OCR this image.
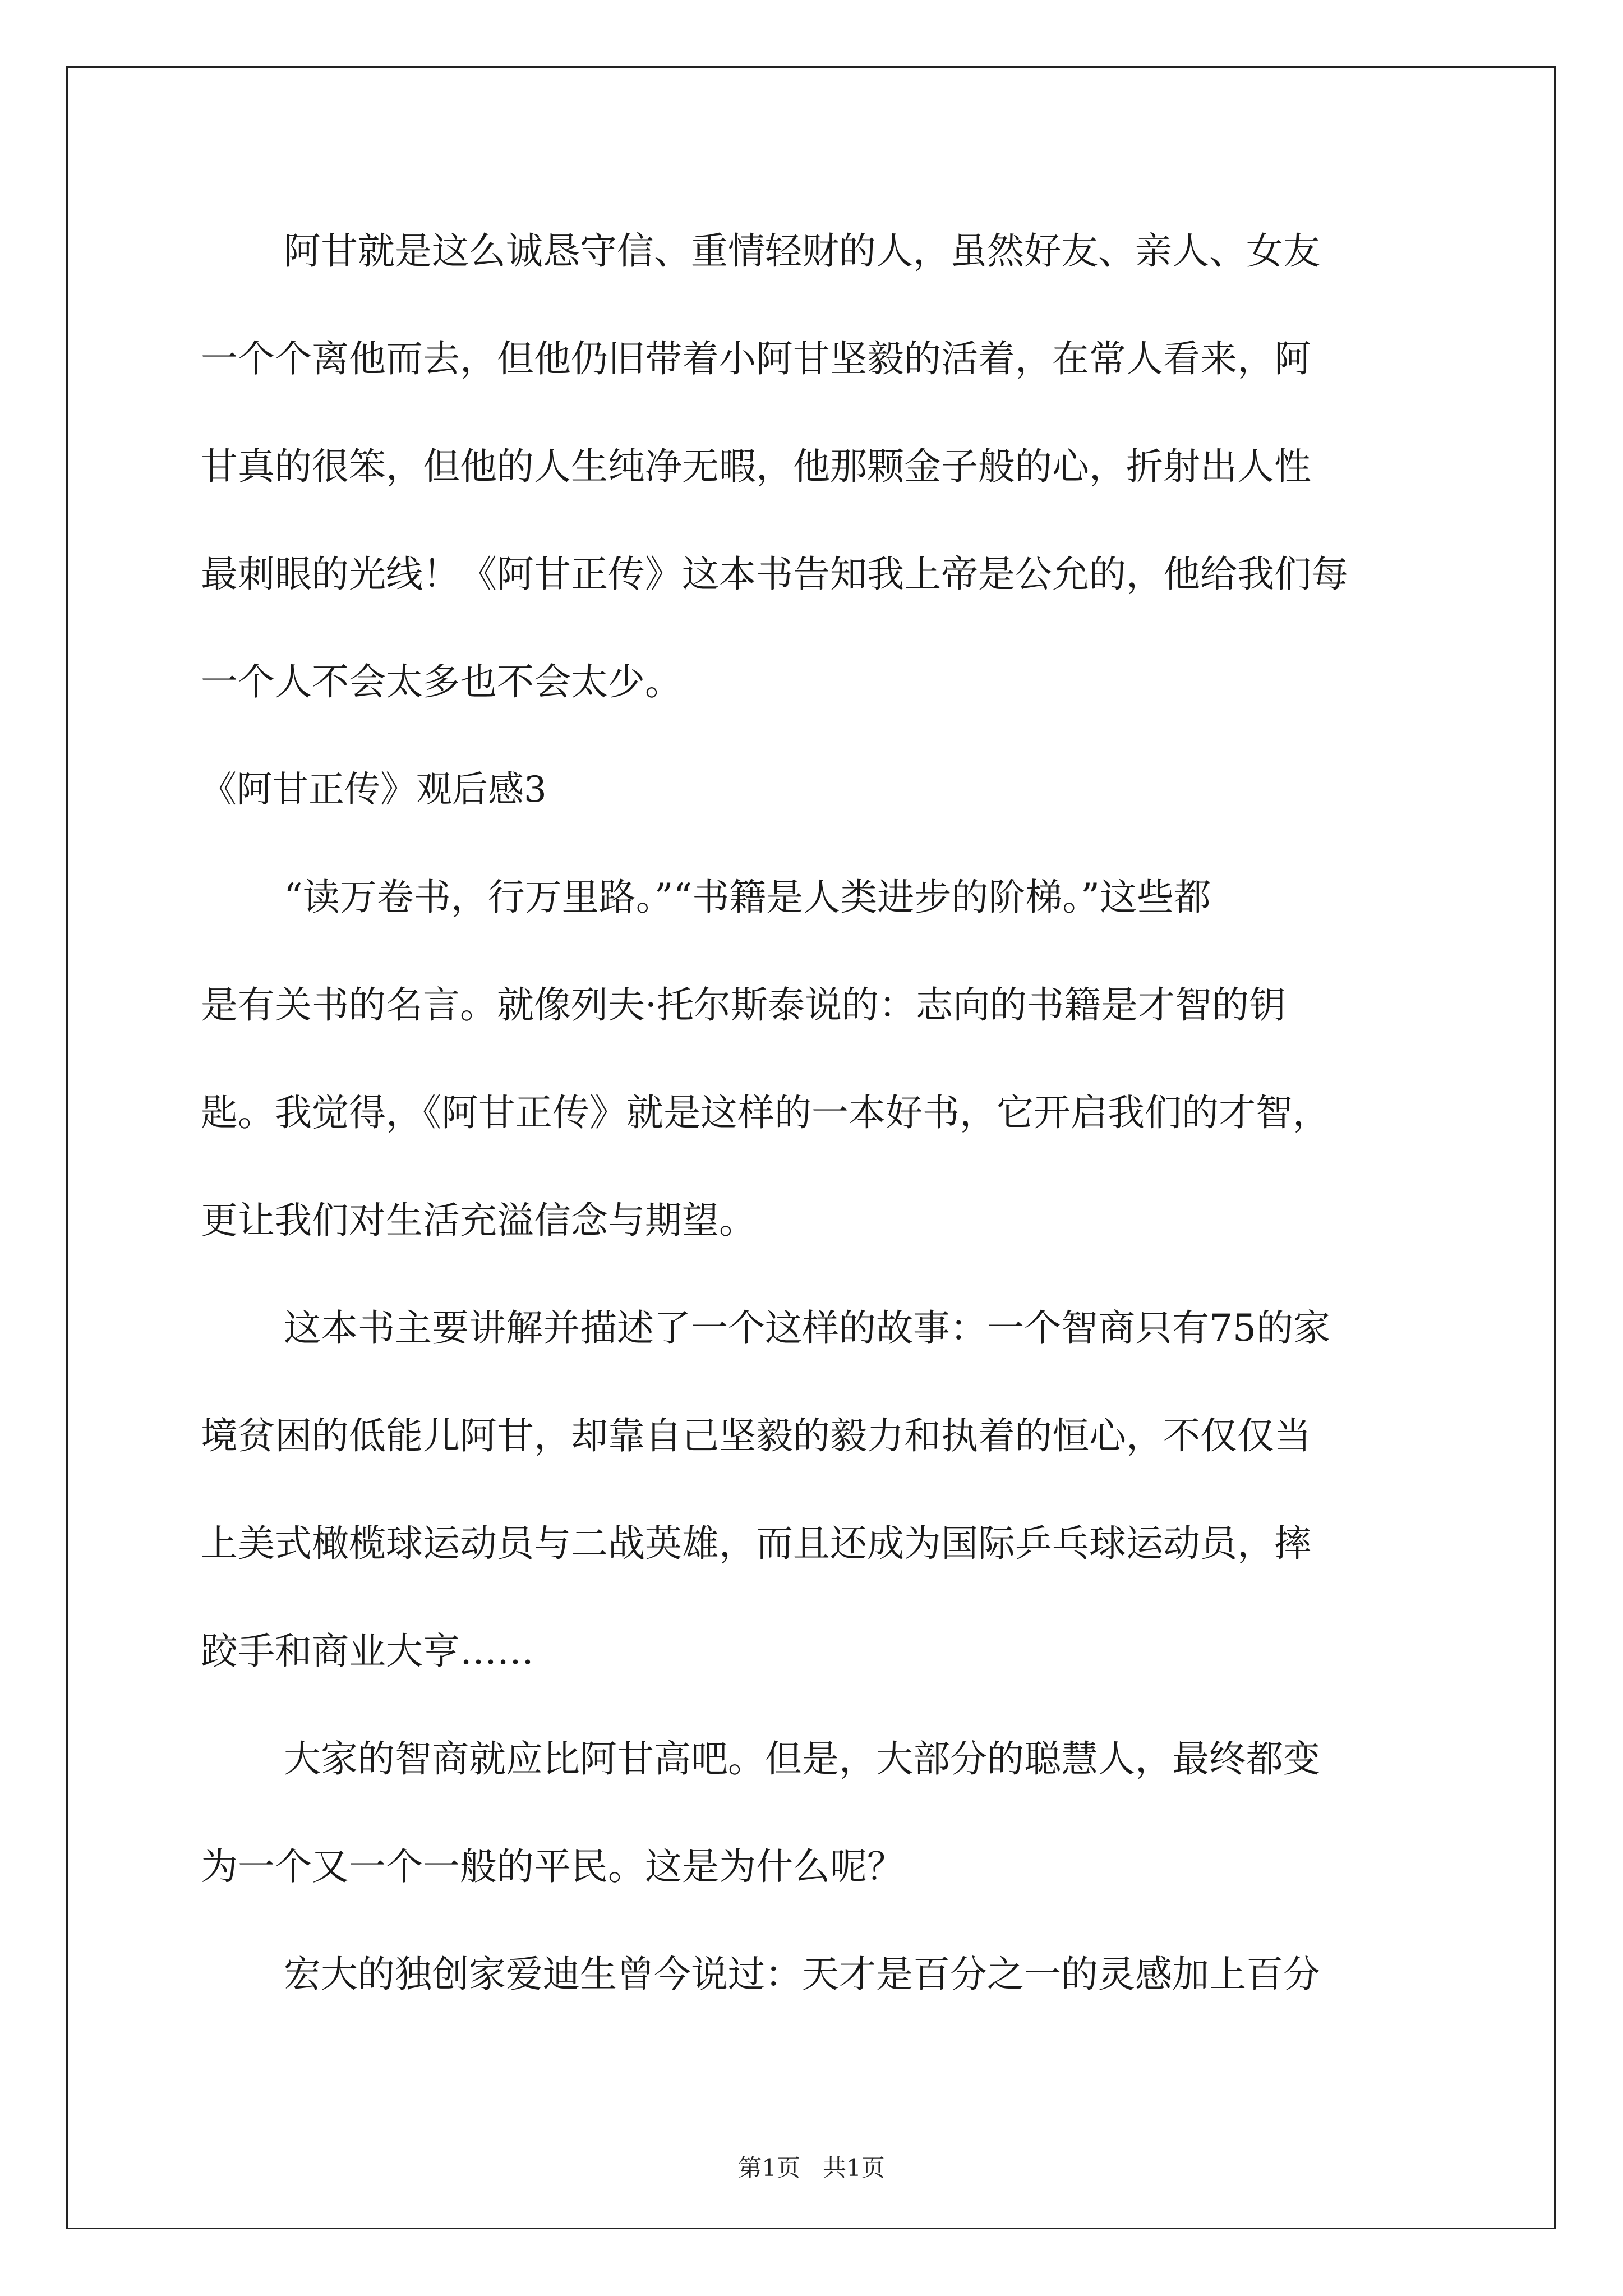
阿甘就是这么诚恳守信、重情轻财的人，虽然好友、亲人、女友
一个个离他而去，但他仍旧带着小阿甘坚毅的活着，在常人看来，阿
甘真的很笨，但他的人生纯净无暇，他那颗金子般的心，折射出人性
最刺眼的光线！《阿甘正传》这本书告知我上帝是公允的，他给我们每
一个人不会太多也不会太少。
《阿甘正传》观后感3
“读万卷书，行万里路。”“书籍是人类进步的阶梯。”这些都
是有关书的名言。就像列夫·托尔斯泰说的：志向的书籍是才智的钥
匙。我觉得，《阿甘正传》就是这样的一本好书，它开启我们的才智，
更让我们对生活充溢信念与期望。
这本书主要讲解并描述了一个这样的故事：一个智商只有75的家
境贫困的低能儿阿甘，却靠自己坚毅的毅力和执着的恒心，不仅仅当
上美式橄榄球运动员与二战英雄，而且还成为国际乒乓球运动员，摔
跤手和商业大亨……
大家的智商就应比阿甘高吧。但是，大部分的聪慧人，最终都变
为一个又一个一般的平民。这是为什么呢？
宏大的独创家爱迪生曾今说过：天才是百分之一的灵感加上百分
第1页   共1页
